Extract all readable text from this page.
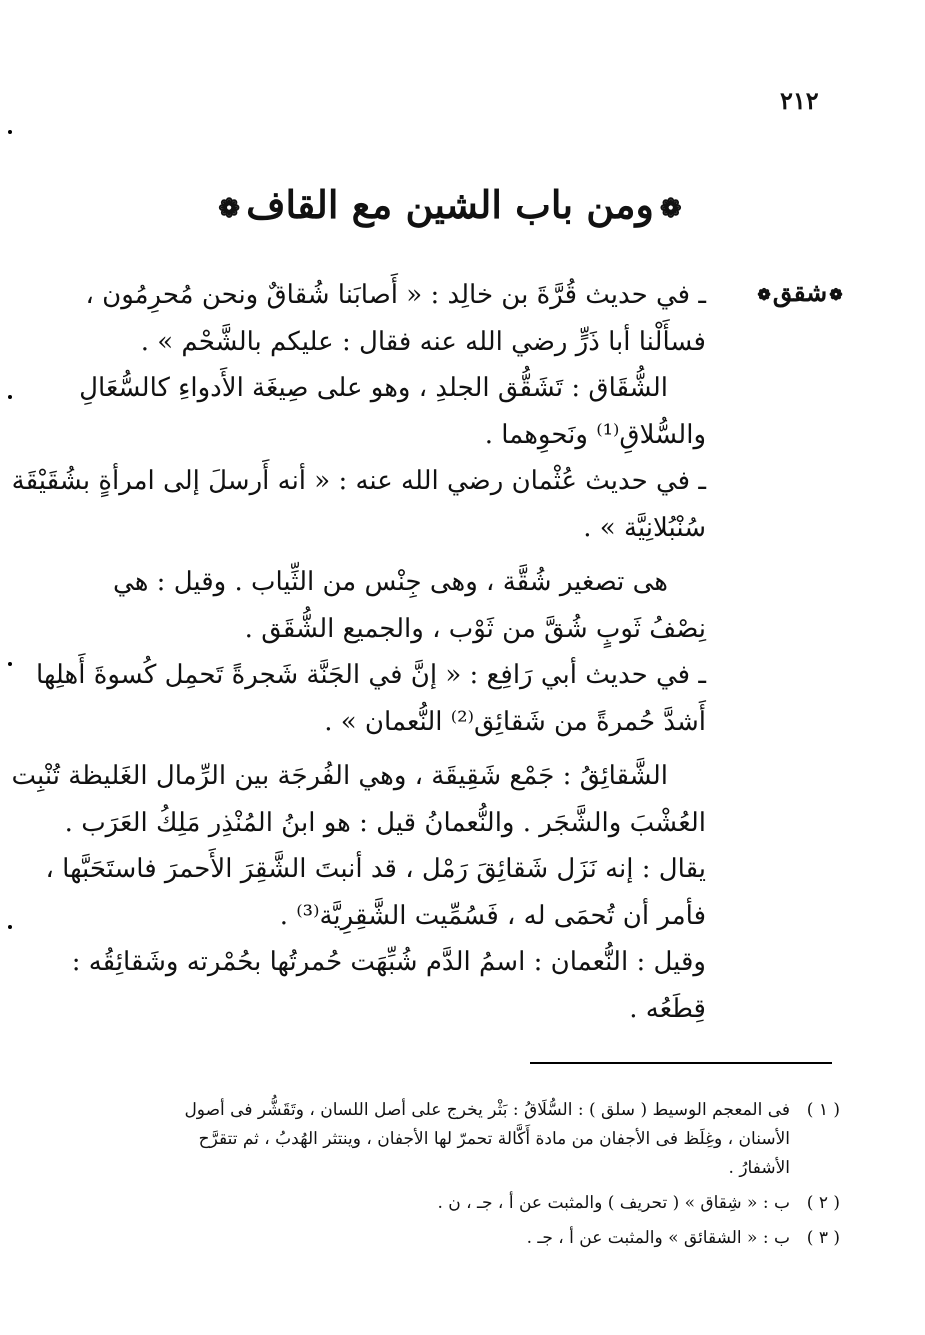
٢١٢
❁ومن باب الشين مع القاف❁
❁شقق❁
ـ في حديث قُرَّةَ بن خالِد : « أَصابَنا شُقاقٌ ونحن مُحرِمُون ،
فسأَلْنا أبا ذَرٍّ رضي الله عنه فقال : عليكم بالشَّحْم » .
الشُّقَاق : تَشَقُّق الجلدِ ، وهو على صِيغَة الأَدواءِ كالسُّعَالِ
والسُّلاقِ⁽¹⁾ ونَحوِهما .
ـ في حديث عُثْمان رضي الله عنه : « أنه أَرسلَ إلى امرأةٍ بشُقَيْقَة
سُنْبُلانِيَّة » .
هى تصغير شُقَّة ، وهى جِنْس من الثِّياب . وقيل : هي
نِصْفُ ثَوبٍ شُقَّ من ثَوْب ، والجميع الشُّقَق .
ـ في حديث أبي رَافِع : « إنَّ في الجَنَّة شَجرةً تَحمِل كُسوةَ أَهلِها
أَشدَّ حُمرةً من شَقائِق⁽²⁾ النُّعمان » .
الشَّقائِقُ : جَمْع شَقِيقَة ، وهي الفُرجَة بين الرِّمال الغَليظة تُنْبِت
العُشْبَ والشَّجَر . والنُّعمانُ قيل : هو ابنُ المُنْذِر مَلِكُ العَرَب .
يقال : إنه نَزَل شَقائِقَ رَمْل ، قد أنبتَ الشَّقِرَ الأَحمرَ فاستَحَبَّها ،
فأمر أن تُحمَى له ، فَسُمِّيت الشَّقِرِيَّة⁽³⁾ .
وقيل : النُّعمان : اسمُ الدَّم شُبِّهَت حُمرتُها بحُمْرته وشَقائِقُه :
قِطَعُه .
( ١ )
فى المعجم الوسيط ( سلق ) : السُّلَاقُ : بَثْر يخرج على أصل اللسان ، وتَقَشُّر فى أصول
الأسنان ، وغِلَظ فى الأجفان من مادة أَكَّالة تحمرّ لها الأجفان ، وينتثر الهُدبُ ، ثم تتقرَّح
الأشفارُ .
( ٢ )
ب : « شِقاق » ( تحريف ) والمثبت عن أ ، جـ ، ن .
( ٣ )
ب : « الشقائق » والمثبت عن أ ، جـ .
